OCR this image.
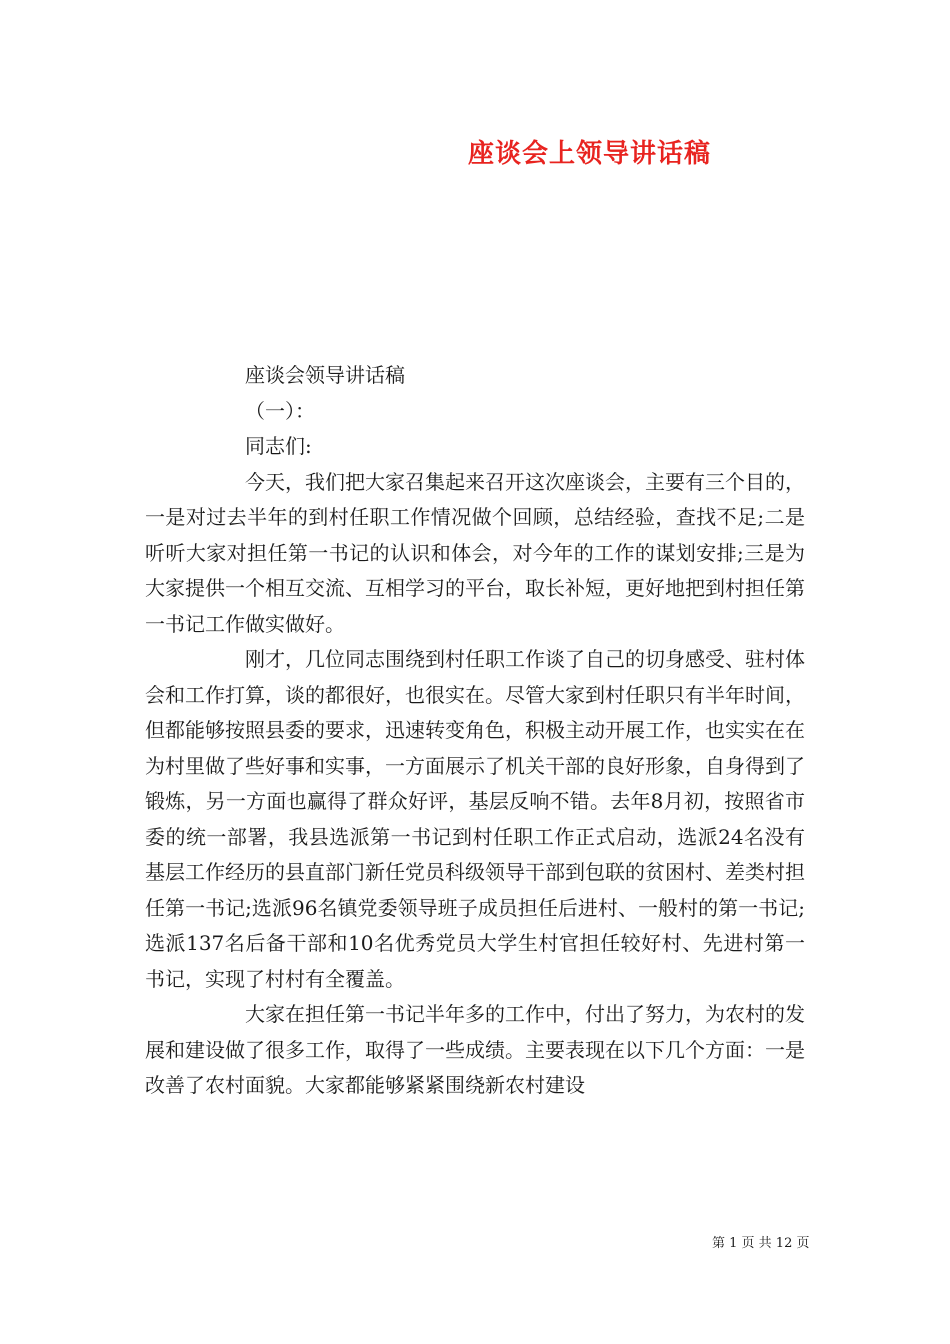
座谈会上领导讲话稿

座谈会领导讲话稿

（一）：

同志们:

今天，我们把大家召集起来召开这次座谈会，主要有三个目的，一是对过去半年的到村任职工作情况做个回顾，总结经验，查找不足;二是听听大家对担任第一书记的认识和体会，对今年的工作的谋划安排;三是为大家提供一个相互交流、互相学习的平台，取长补短，更好地把到村担任第一书记工作做实做好。

刚才，几位同志围绕到村任职工作谈了自己的切身感受、驻村体会和工作打算，谈的都很好，也很实在。尽管大家到村任职只有半年时间，但都能够按照县委的要求，迅速转变角色，积极主动开展工作，也实实在在为村里做了些好事和实事，一方面展示了机关干部的良好形象，自身得到了锻炼，另一方面也赢得了群众好评，基层反响不错。去年8月初，按照省市委的统一部署，我县选派第一书记到村任职工作正式启动，选派24名没有基层工作经历的县直部门新任党员科级领导干部到包联的贫困村、差类村担任第一书记;选派96名镇党委领导班子成员担任后进村、一般村的第一书记;选派137名后备干部和10名优秀党员大学生村官担任较好村、先进村第一书记，实现了村村有全覆盖。

大家在担任第一书记半年多的工作中，付出了努力，为农村的发展和建设做了很多工作，取得了一些成绩。主要表现在以下几个方面：一是改善了农村面貌。大家都能够紧紧围绕新农村建设

第 1 页 共 12 页
